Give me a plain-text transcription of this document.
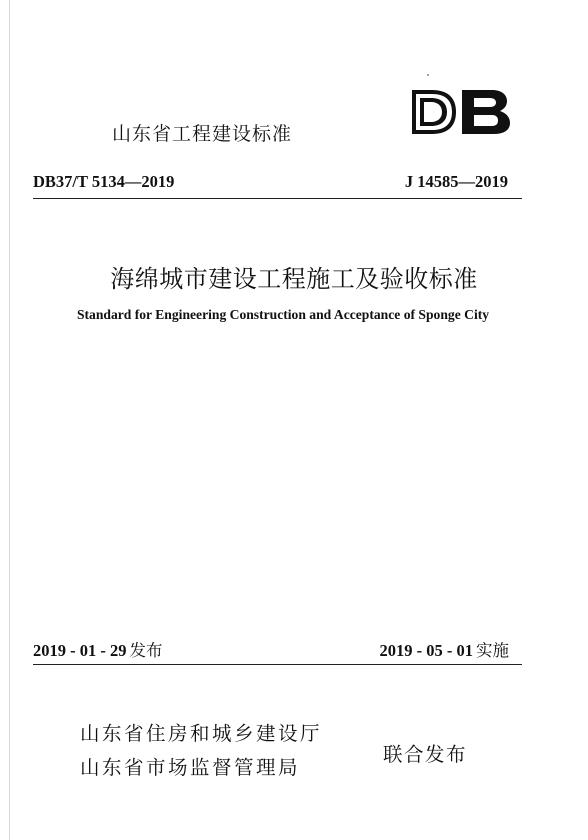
山东省工程建设标准
DB37/T 5134—2019	J 14585—2019
海绵城市建设工程施工及验收标准
Standard for Engineering Construction and Acceptance of Sponge City
2019 - 01 - 29 发布	2019 - 05 - 01 实施
山东省住房和城乡建设厅
山东省市场监督管理局
联合发布
